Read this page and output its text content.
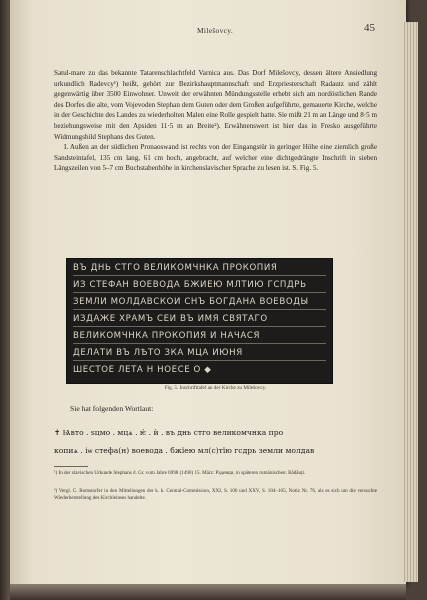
Milešovcy.	45

Satul-mare zu das bekannte Tatarenschlachtfeld Varnica aus. Das Dorf Milešovcy, dessen ältere Ansiedlung urkundlich Radevcy¹) heißt, gehört zur Bezirkshauptmannschaft und Erzpriesterschaft Radautz und zählt gegenwärtig über 3500 Einwohner. Unweit der erwähnten Mündungsstelle erhebt sich am nordöstlichen Rande des Dorfes die alte, vom Vojevoden Stephan dem Guten oder dem Großen aufgeführte, gemauerte Kirche, welche in der Geschichte des Landes zu wiederholten Malen eine Rolle gespielt hatte. Sie mißt 21 m an Länge und 8·5 m beziehungsweise mit den Apsiden 11·5 m an Breite²). Erwähnenswert ist hier das in Fresko ausgeführte Widmungsbild Stephans des Guten.

I. Außen an der südlichen Pronaoswand ist rechts von der Eingangstür in geringer Höhe eine ziemlich große Sandsteintafel, 135 cm lang, 61 cm hoch, angebracht, auf welcher eine dichtgedrängte Inschrift in sieben Längszeilen von 5–7 cm Buchstabenhöhe in kirchenslavischer Sprache zu lesen ist. S. Fig. 5.

ВЪ ДНЬ СТГО ВЕЛИКОМЧНКА ПРОКОПИЯ
ИЗ СТЕФАН ВОЕВОДА БЖИЕЮ МЛТИЮ ГСПДРЬ
ЗЕМЛИ МОЛДАВСКОЙ СНЪ БОГДАНА ВОЕВОДЫ
ИЗДАЖЕ ХРАМЪ СЕИ ВЪ ИМЯ СВЯТАГО
ВЕЛИКОМЧНКА ПРОКОПИЯ И НАЧАСЯ
ДЕЛАТИ ВЪ ЛѢТО ЗКА МЦА ИЮНЯ
ШЕСТОЕ ЛЕТА Н НОЕСЕ О ◆
Fig. 5. Inschrifttafel an der Kirche zu Milešovcy.
Sie hat folgenden Wortlaut:
✝ Ѩвто . ѕцмо . мцѧ . ѥ́ . ѝ . въ днь стго великомчнка про
копиѧ . iѡ стефа(н) воевода . бжїею мл(с)тїю гсдрь земли молдав
¹) In der slavischen Urkunde Stephans d. Gr. vom Jahre 6998 (1490) 15. März: Радевци, in späteren rumänischen: Rădăuți.
²) Vergl. C. Romstorfer in den Mitteilungen der k. k. Central-Commission, XXI, S. 106 und XXV, S. 104–105, Notiz Nr. 76, als es sich um die versuchte Wiederherstellung des Kirchleinses handelte.
